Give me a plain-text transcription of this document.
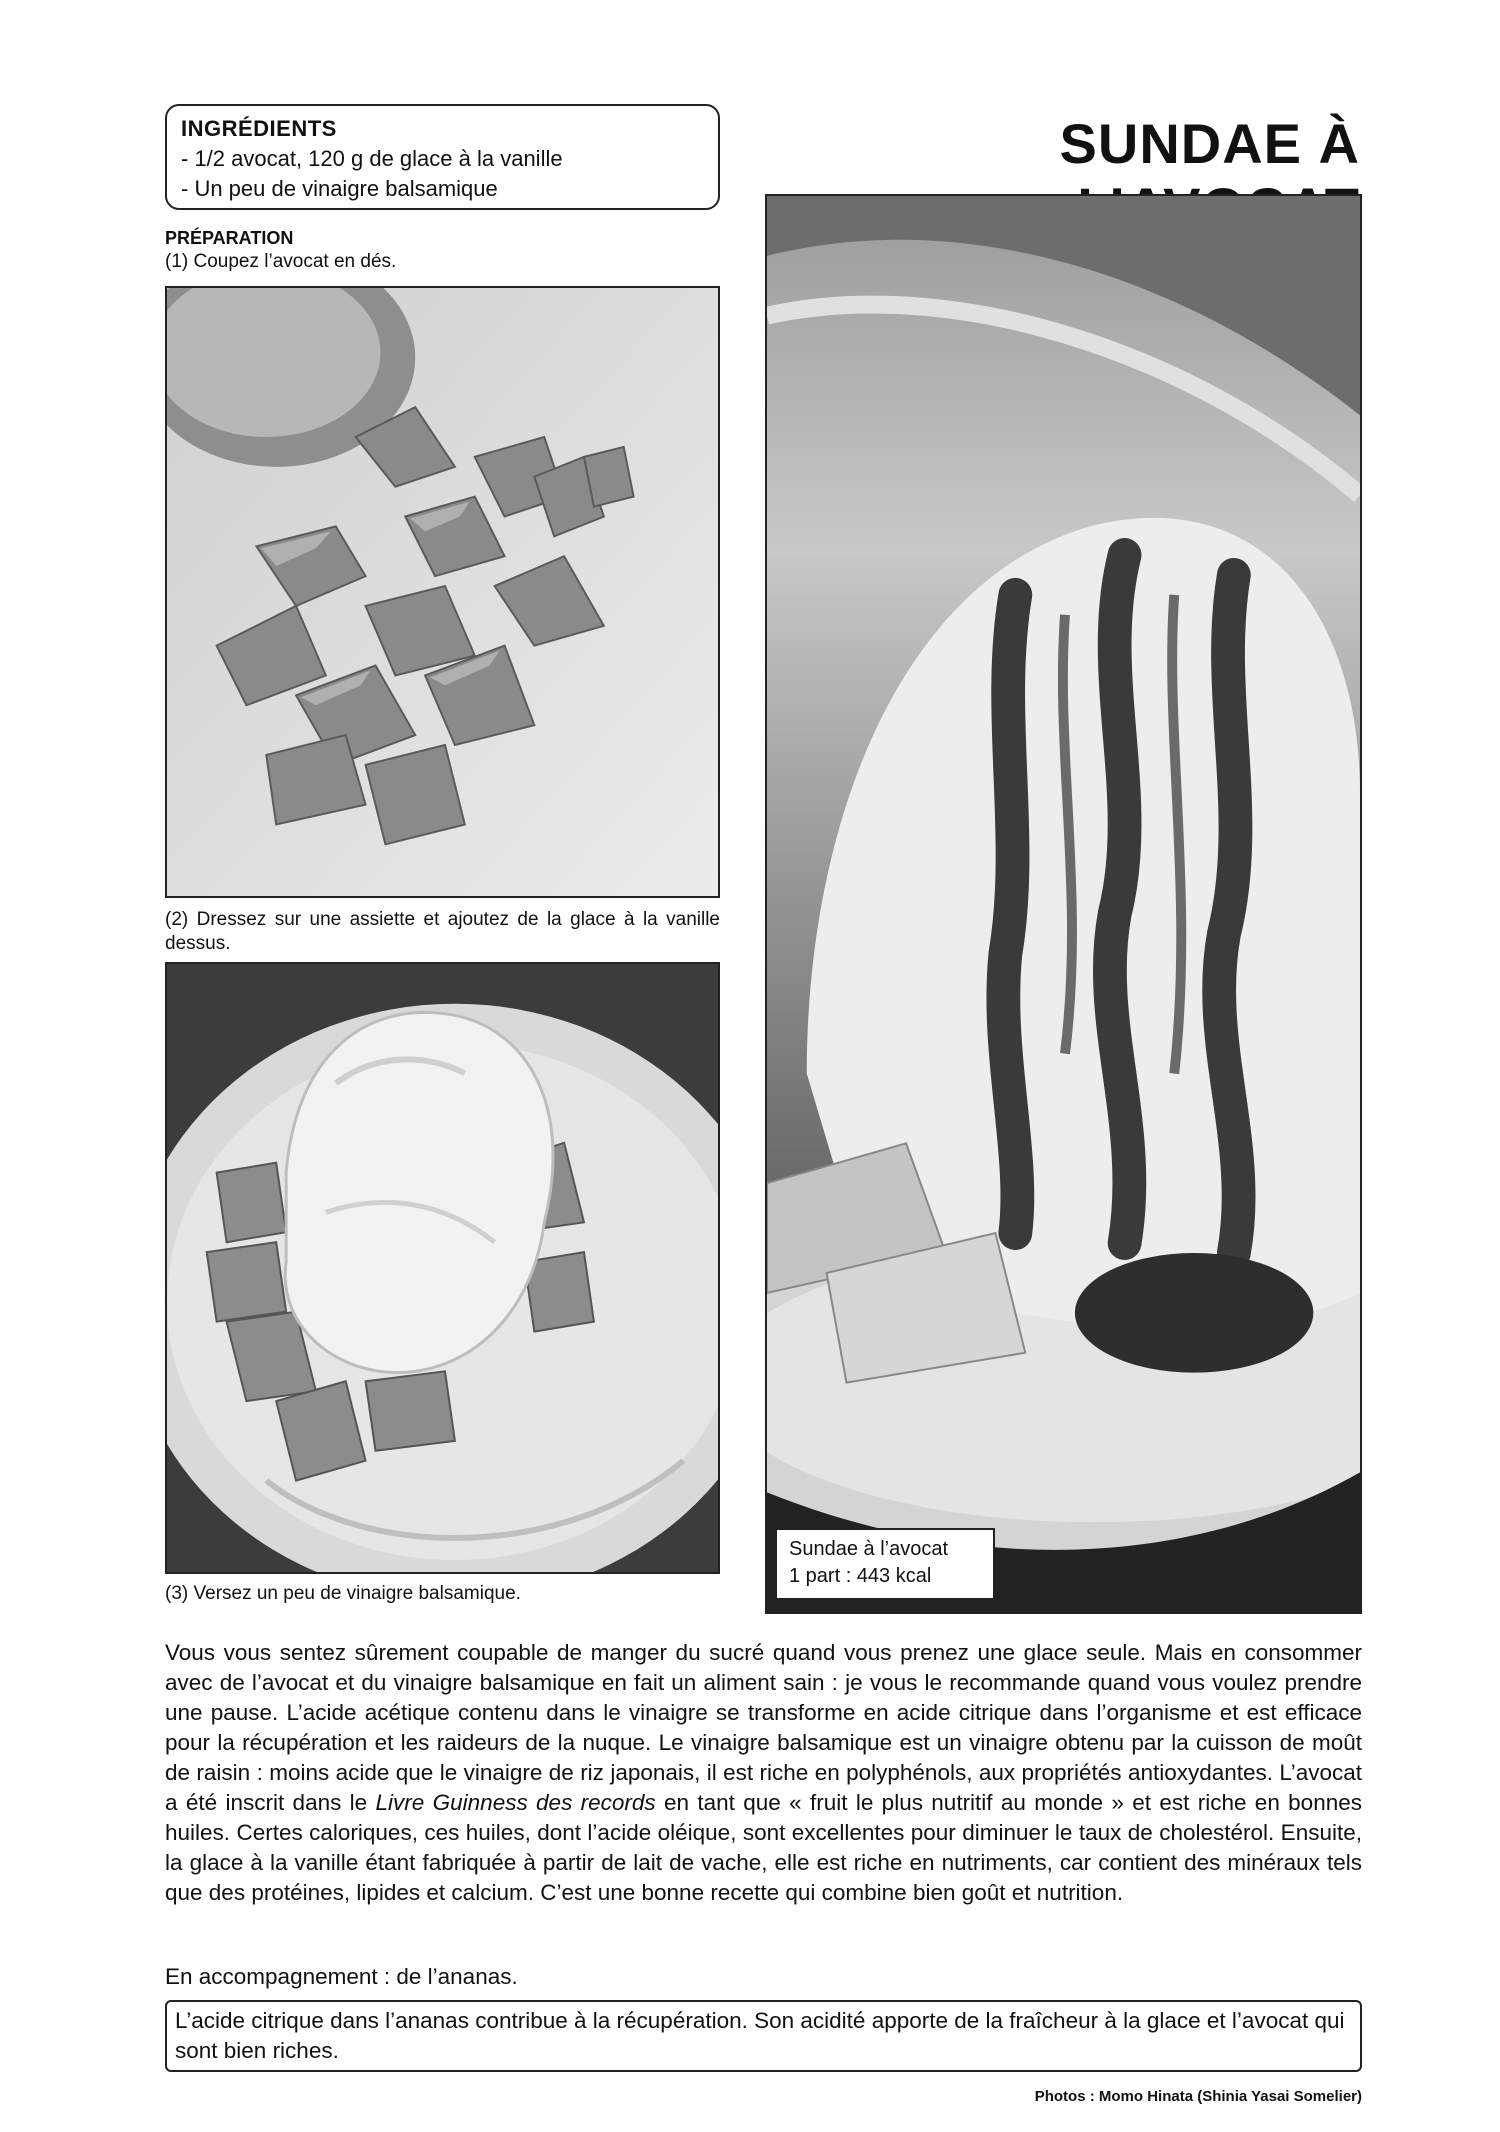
INGRÉDIENTS
- 1/2 avocat, 120 g de glace à la vanille
- Un peu de vinaigre balsamique
SUNDAE À
PRÉPARATION
(1) Coupez l’avocat en dés.
(2) Dressez sur une assiette et ajoutez de la glace à la vanille dessus.
(3) Versez un peu de vinaigre balsamique.
Sundae à l’avocat
1 part : 443 kcal
Vous vous sentez sûrement coupable de manger du sucré quand vous prenez une glace seule. Mais en consommer avec de l’avocat et du vinaigre balsamique en fait un aliment sain : je vous le recommande quand vous voulez prendre une pause. L’acide acétique contenu dans le vinaigre se transforme en acide citrique dans l’organisme et est efficace pour la récupération et les raideurs de la nuque. Le vinaigre balsamique est un vinaigre obtenu par la cuisson de moût de raisin : moins acide que le vinaigre de riz japonais, il est riche en polyphénols, aux propriétés antioxydantes. L’avocat a été inscrit dans le Livre Guinness des records en tant que « fruit le plus nutritif au monde » et est riche en bonnes huiles. Certes caloriques, ces huiles, dont l’acide oléique, sont excellentes pour diminuer le taux de cholestérol. Ensuite, la glace à la vanille étant fabriquée à partir de lait de vache, elle est riche en nutriments, car contient des minéraux tels que des protéines, lipides et calcium. C’est une bonne recette qui combine bien goût et nutrition.
En accompagnement : de l’ananas.
L’acide citrique dans l’ananas contribue à la récupération. Son acidité apporte de la fraîcheur à la glace et l’avocat qui sont bien riches.
Photos : Momo Hinata (Shinia Yasai Somelier)
